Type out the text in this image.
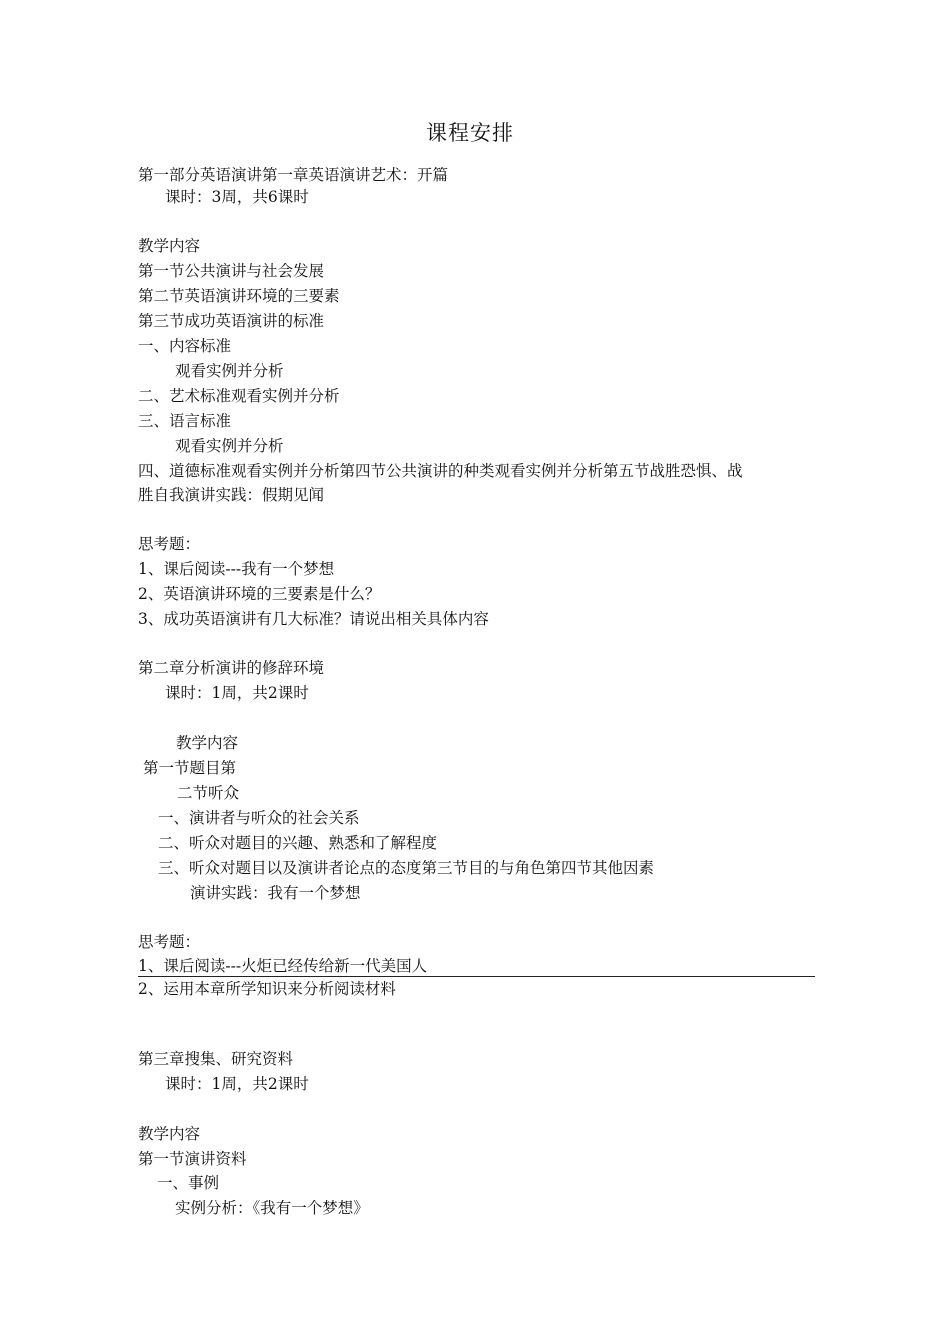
课程安排
第一部分英语演讲第一章英语演讲艺术：开篇
课时：3周，共6课时
教学内容
第一节公共演讲与社会发展
第二节英语演讲环境的三要素
第三节成功英语演讲的标准
一、内容标准
观看实例并分析
二、艺术标准观看实例并分析
三、语言标准
观看实例并分析
四、道德标准观看实例并分析第四节公共演讲的种类观看实例并分析第五节战胜恐惧、战
胜自我演讲实践：假期见闻
思考题：
1、课后阅读---我有一个梦想
2、英语演讲环境的三要素是什么？
3、成功英语演讲有几大标准？请说出相关具体内容
第二章分析演讲的修辞环境
课时：1周，共2课时
教学内容
第一节题目第
二节听众
一、演讲者与听众的社会关系
二、听众对题目的兴趣、熟悉和了解程度
三、听众对题目以及演讲者论点的态度第三节目的与角色第四节其他因素
演讲实践：我有一个梦想
思考题：
1、课后阅读---火炬已经传给新一代美国人
2、运用本章所学知识来分析阅读材料
第三章搜集、研究资料
课时：1周，共2课时
教学内容
第一节演讲资料
一、事例
实例分析：《我有一个梦想》
